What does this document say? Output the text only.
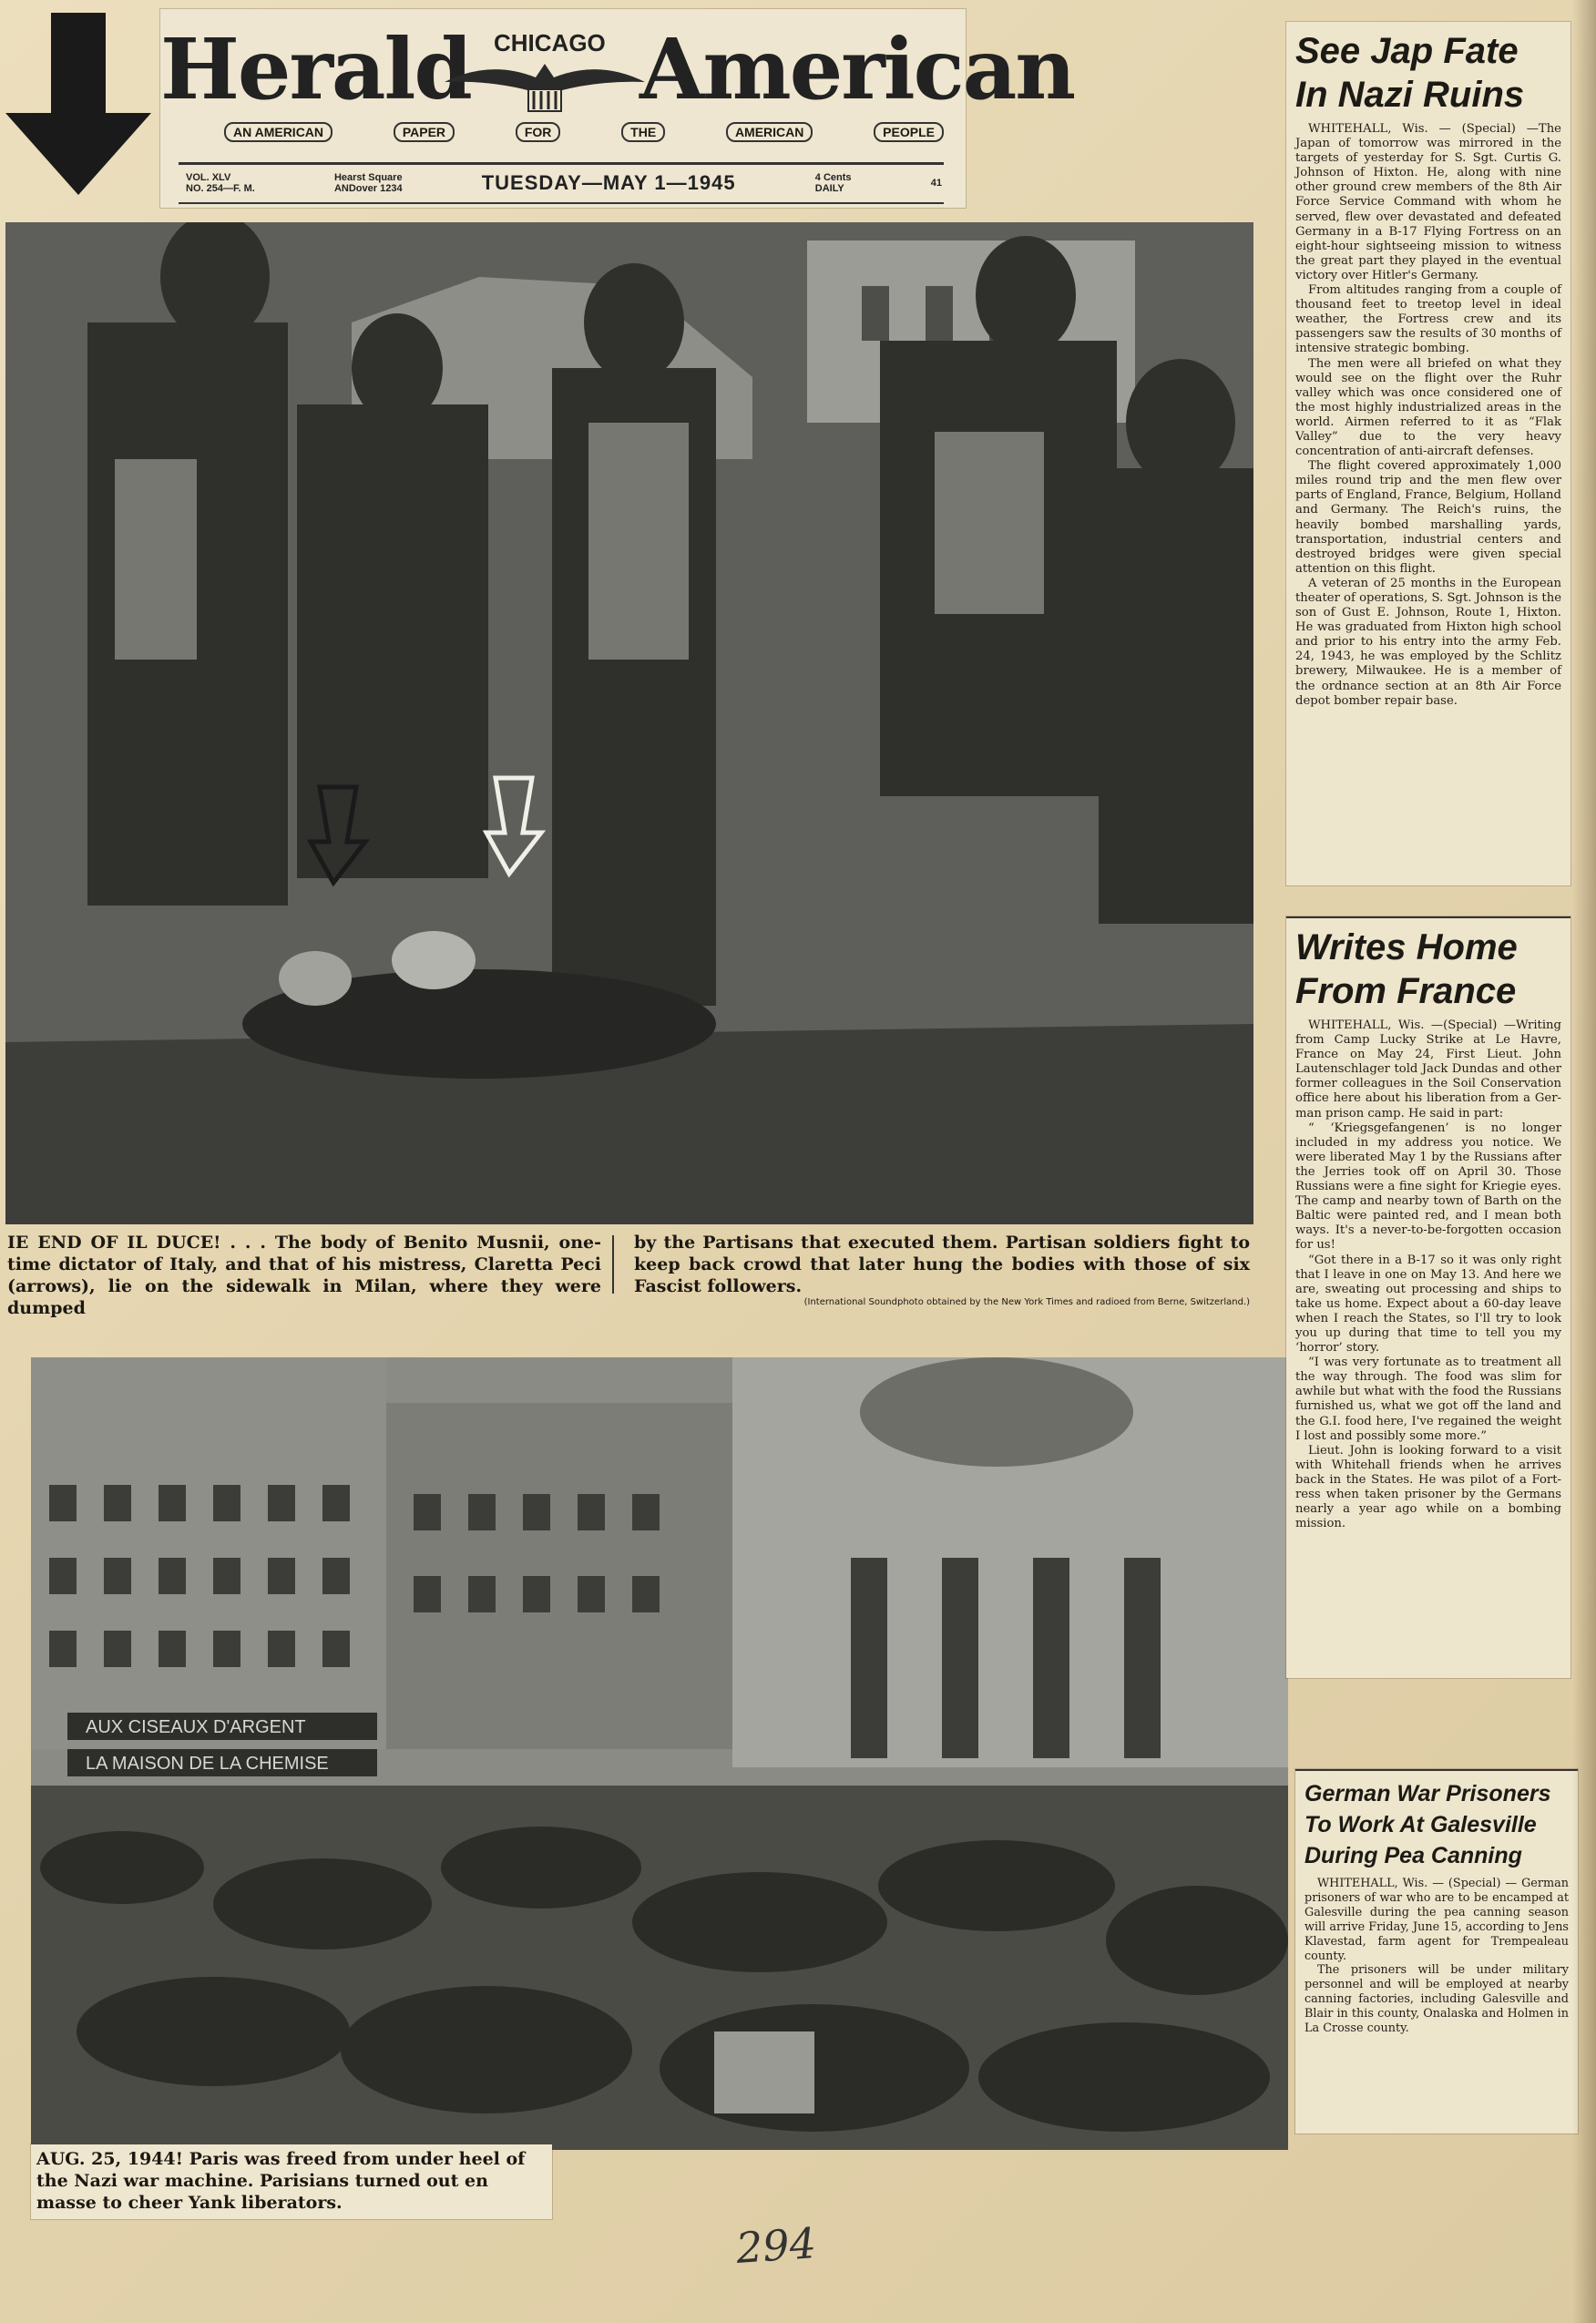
Herald CHICAGO American
AN AMERICAN	PAPER	FOR	THE	AMERICAN	PEOPLE
VOL. XLV
NO. 254—F. M.
Hearst Square
ANDover 1234	TUESDAY—MAY 1—1945	4 Cents
DAILY	41
IE END OF IL DUCE! . . . The body of Benito Musnii, one-time dictator of Italy, and that of his mistress, Claretta Peci (arrows), lie on the sidewalk in Milan, where they were dumped
by the Partisans that executed them. Partisan soldiers fight to keep back crowd that later hung the bodies with those of six Fascist followers.
(International Soundphoto obtained by the New York Times and radioed from Berne, Switzerland.)
AUX CISEAUX D'ARGENT
LA MAISON DE LA CHEMISE
AUG. 25, 1944! Paris was freed from under heel of the Nazi war machine. Parisians turned out en masse to cheer Yank liberators.
See Jap Fate
In Nazi Ruins

WHITEHALL, Wis. — (Special) —The Japan of tomorrow was mirrored in the targets of yesterday for S. Sgt. Curtis G. Johnson of Hixton. He, along with nine other ground crew members of the 8th Air Force Service Command with whom he served, flew over devastated and defeated Germany in a B-17 Flying Fortress on an eight-hour sightseeing mission to witness the great part they played in the eventual victory over Hitler's Germany.

From altitudes ranging from a couple of thousand feet to treetop level in ideal weather, the Fortress crew and its passengers saw the results of 30 months of intensive strategic bombing.

The men were all briefed on what they would see on the flight over the Ruhr valley which was once considered one of the most highly industrialized areas in the world. Airmen referred to it as “Flak Valley” due to the very heavy concentration of anti-aircraft defenses.

The flight covered approximately 1,000 miles round trip and the men flew over parts of England, France, Belgium, Holland and Germany. The Reich's ruins, the heavily bombed marshalling yards, transportation, industrial centers and destroyed bridges were given special attention on this flight.

A veteran of 25 months in the European theater of operations, S. Sgt. Johnson is the son of Gust E. Johnson, Route 1, Hixton. He was graduated from Hixton high school and prior to his entry into the army Feb. 24, 1943, he was employed by the Schlitz brewery, Milwaukee. He is a member of the ordnance section at an 8th Air Force depot bomber repair base.

Writes Home
From France

WHITEHALL, Wis. —(Special) —Writing from Camp Lucky Strike at Le Havre, France on May 24, First Lieut. John Lautenschlager told Jack Dundas and other former colleagues in the Soil Conservation office here about his liberation from a German prison camp. He said in part:

“ ‘Kriegsgefangenen’ is no longer included in my address you notice. We were liberated May 1 by the Russians after the Jerries took off on April 30. Those Russians were a fine sight for Kriegie eyes. The camp and nearby town of Barth on the Baltic were painted red, and I mean both ways. It's a never-to-be-forgotten occasion for us!

“Got there in a B-17 so it was only right that I leave in one on May 13. And here we are, sweating out processing and ships to take us home. Expect about a 60-day leave when I reach the States, so I'll try to look you up during that time to tell you my ‘horror’ story.

“I was very fortunate as to treatment all the way through. The food was slim for awhile but what with the food the Russians furnished us, what we got off the land and the G.I. food here, I've regained the weight I lost and possibly some more.”

Lieut. John is looking forward to a visit with Whitehall friends when he arrives back in the States. He was pilot of a Fortress when taken prisoner by the Germans nearly a year ago while on a bombing mission.

German War Prisoners
To Work At Galesville
During Pea Canning

WHITEHALL, Wis. — (Special) — German prisoners of war who are to be encamped at Galesville during the pea canning season will arrive Friday, June 15, according to Jens Klavestad, farm agent for Trempealeau county.

The prisoners will be under military personnel and will be employed at nearby canning factories, including Galesville and Blair in this county, Onalaska and Holmen in La Crosse county.

294
